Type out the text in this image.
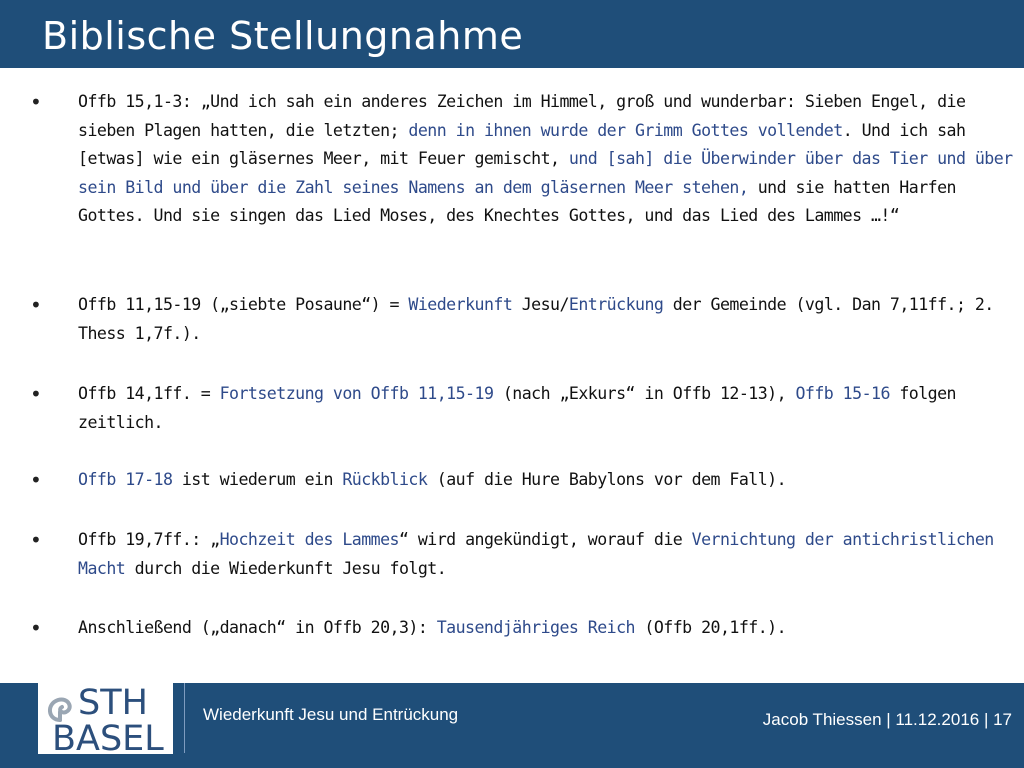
Biblische Stellungnahme
• Offb 15,1-3: „Und ich sah ein anderes Zeichen im Himmel, groß und wunderbar: Sieben Engel, die sieben Plagen hatten, die letzten; denn in ihnen wurde der Grimm Gottes vollendet. Und ich sah [etwas] wie ein gläsernes Meer, mit Feuer gemischt, und [sah] die Überwinder über das Tier und über sein Bild und über die Zahl seines Namens an dem gläsernen Meer stehen, und sie hatten Harfen Gottes. Und sie singen das Lied Moses, des Knechtes Gottes, und das Lied des Lammes …!“
• Offb 11,15-19 („siebte Posaune“) = Wiederkunft Jesu/Entrückung der Gemeinde (vgl. Dan 7,11ff.; 2. Thess 1,7f.).
• Offb 14,1ff. = Fortsetzung von Offb 11,15-19 (nach „Exkurs“ in Offb 12-13), Offb 15-16 folgen zeitlich.
• Offb 17-18 ist wiederum ein Rückblick (auf die Hure Babylons vor dem Fall).
• Offb 19,7ff.: „Hochzeit des Lammes“ wird angekündigt, worauf die Vernichtung der antichristlichen Macht durch die Wiederkunft Jesu folgt.
• Anschließend („danach“ in Offb 20,3): Tausendjähriges Reich (Offb 20,1ff.).
STH
BASEL
Wiederkunft Jesu und Entrückung	Jacob Thiessen | 11.12.2016 | 17
